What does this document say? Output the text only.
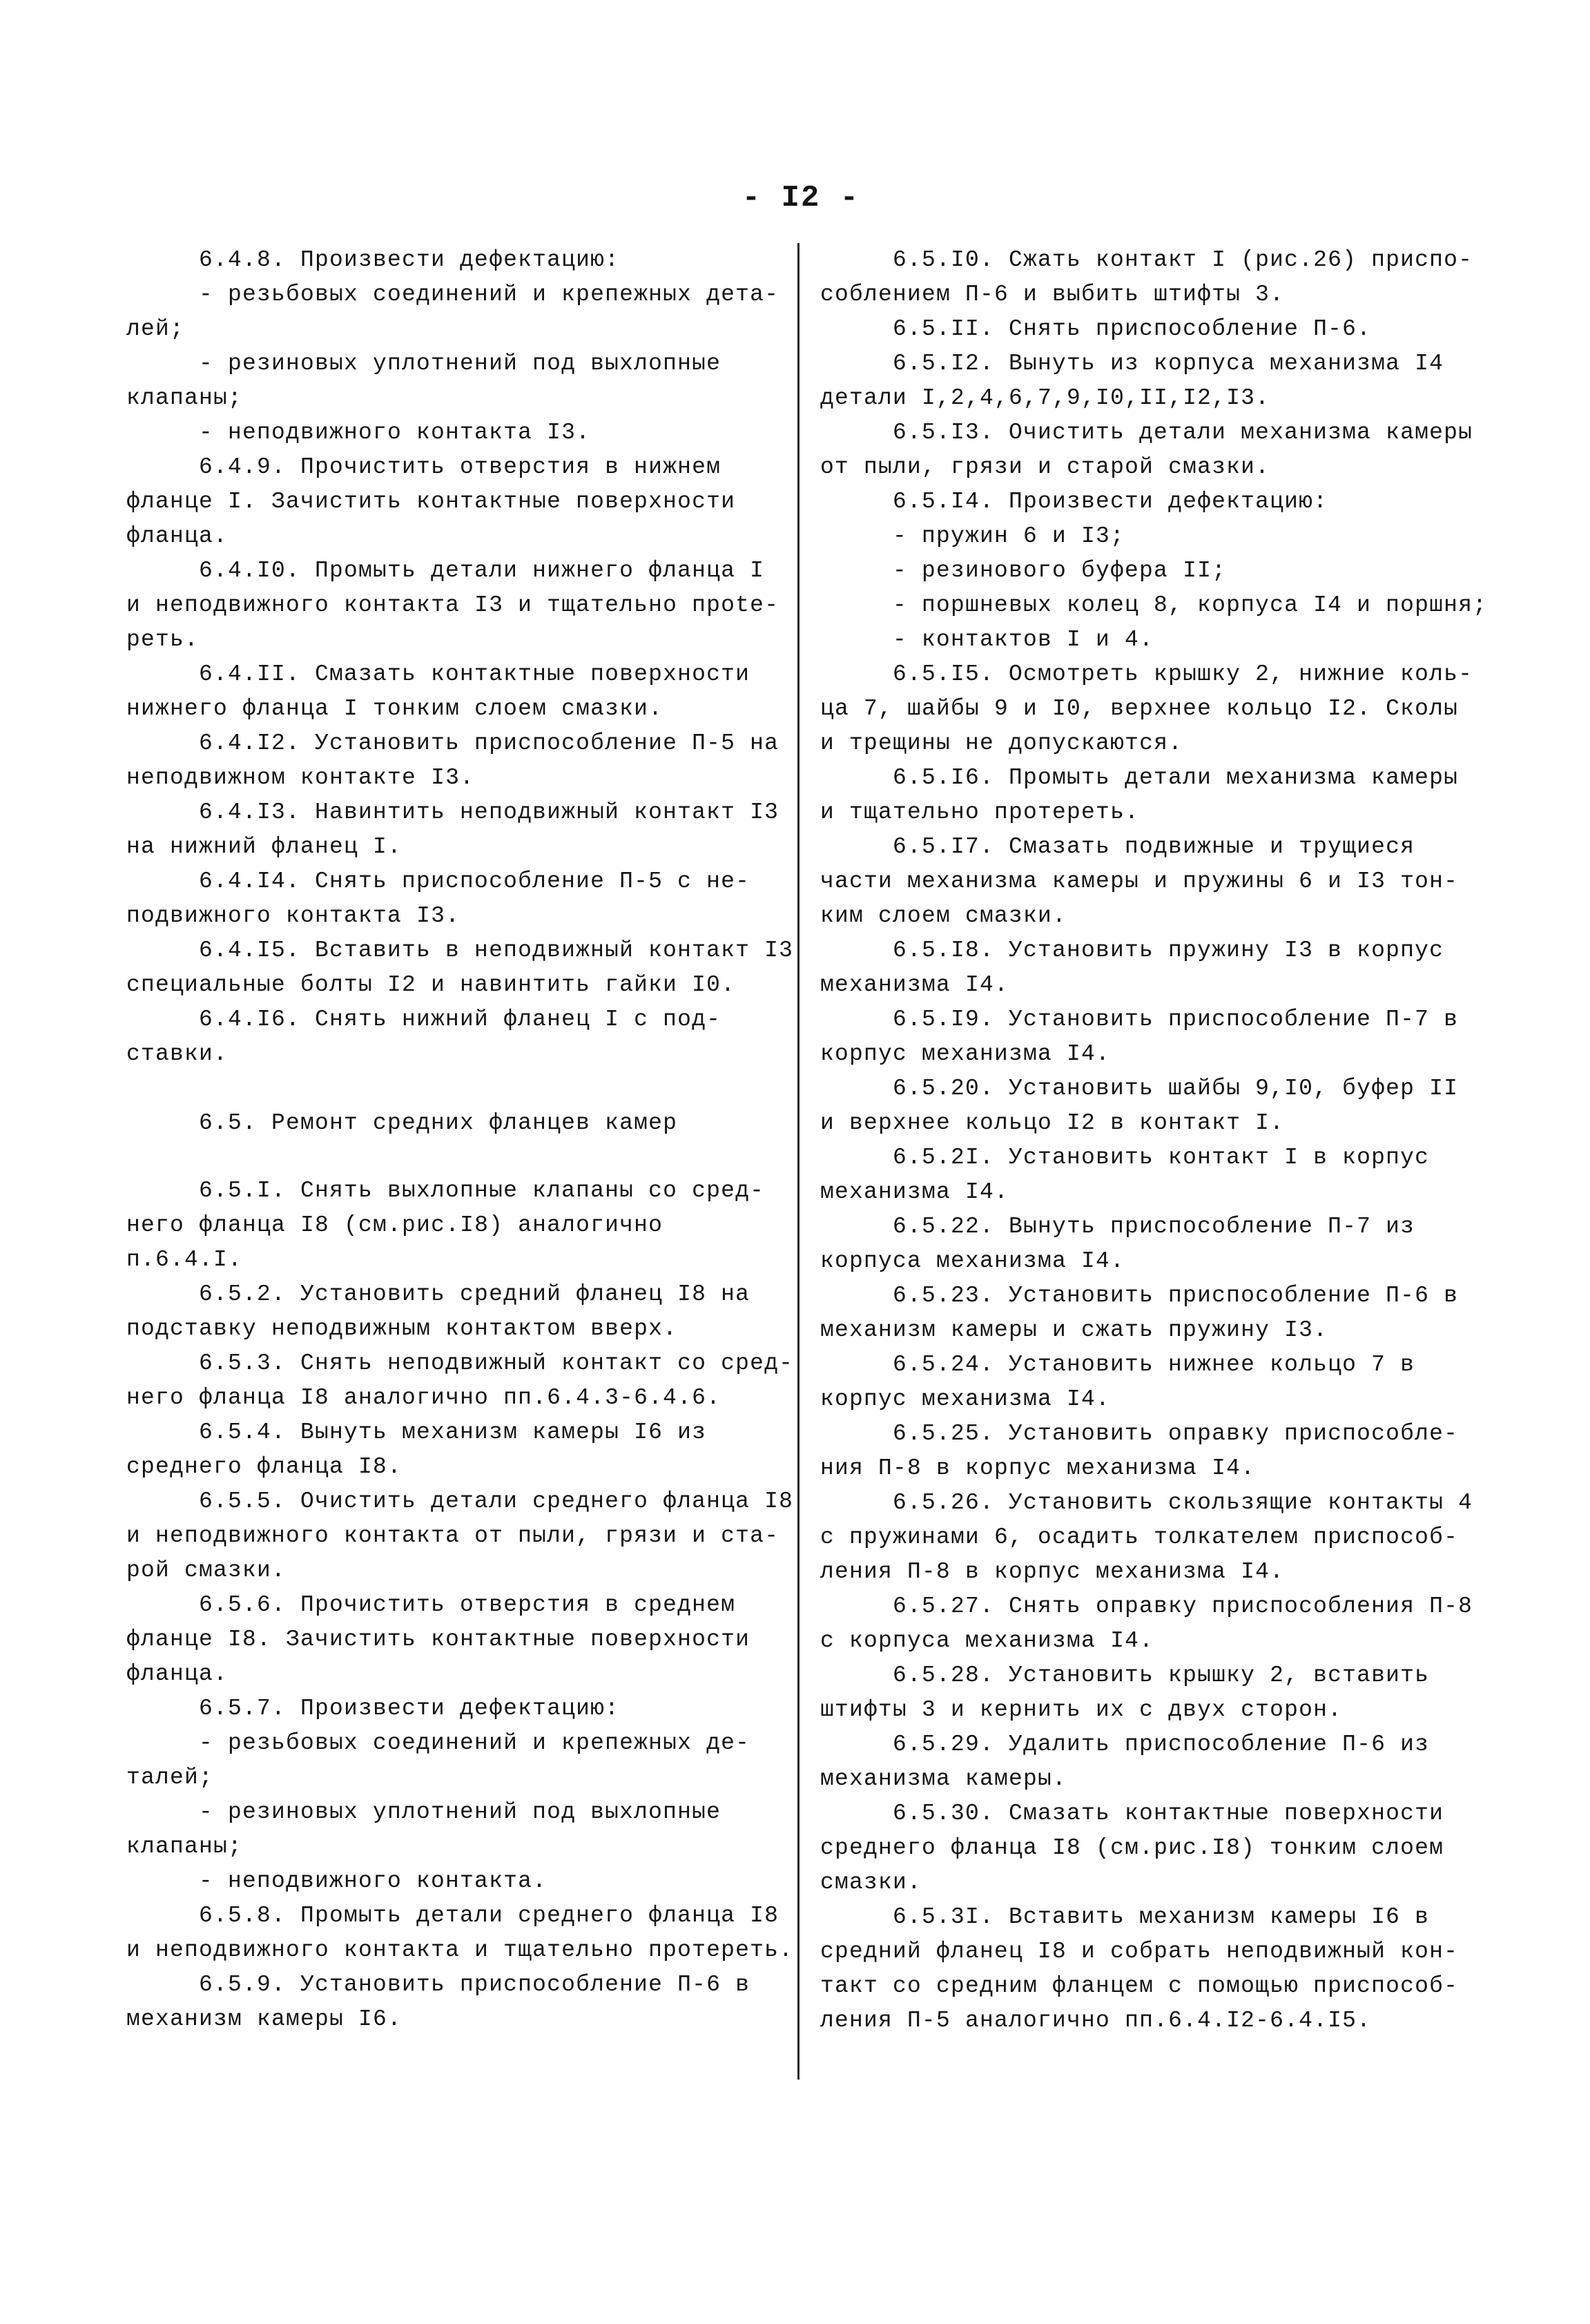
- I2 -
6.4.8. Произвести дефектацию:
- резьбовых соединений и крепежных дета-
лей;
- резиновых уплотнений под выхлопные
клапаны;
- неподвижного контакта I3.
6.4.9. Прочистить отверстия в нижнем
фланце I. Зачистить контактные поверхности
фланца.
6.4.I0. Промыть детали нижнего фланца I
и неподвижного контакта I3 и тщательно прote-
реть.
6.4.II. Смазать контактные поверхности
нижнего фланца I тонким слоем смазки.
6.4.I2. Установить приспособление П-5 на
неподвижном контакте I3.
6.4.I3. Навинтить неподвижный контакт I3
на нижний фланец I.
6.4.I4. Снять приспособление П-5 с не-
подвижного контакта I3.
6.4.I5. Вставить в неподвижный контакт I3
специальные болты I2 и навинтить гайки I0.
6.4.I6. Снять нижний фланец I с под-
ставки.
6.5. Ремонт средних фланцев камер
6.5.I. Снять выхлопные клапаны со сред-
него фланца I8 (см.рис.I8) аналогично
п.6.4.I.
6.5.2. Установить средний фланец I8 на
подставку неподвижным контактом вверх.
6.5.3. Снять неподвижный контакт со сред-
него фланца I8 аналогично пп.6.4.3-6.4.6.
6.5.4. Вынуть механизм камеры I6 из
среднего фланца I8.
6.5.5. Очистить детали среднего фланца I8
и неподвижного контакта от пыли, грязи и ста-
рой смазки.
6.5.6. Прочистить отверстия в среднем
фланце I8. Зачистить контактные поверхности
фланца.
6.5.7. Произвести дефектацию:
- резьбовых соединений и крепежных де-
талей;
- резиновых уплотнений под выхлопные
клапаны;
- неподвижного контакта.
6.5.8. Промыть детали среднего фланца I8
и неподвижного контакта и тщательно протереть.
6.5.9. Установить приспособление П-6 в
механизм камеры I6.
6.5.I0. Сжать контакт I (рис.26) приспо-
соблением П-6 и выбить штифты 3.
6.5.II. Снять приспособление П-6.
6.5.I2. Вынуть из корпуса механизма I4
детали I,2,4,6,7,9,I0,II,I2,I3.
6.5.I3. Очистить детали механизма камеры
от пыли, грязи и старой смазки.
6.5.I4. Произвести дефектацию:
- пружин 6 и I3;
- резинового буфера II;
- поршневых колец 8, корпуса I4 и поршня;
- контактов I и 4.
6.5.I5. Осмотреть крышку 2, нижние коль-
ца 7, шайбы 9 и I0, верхнее кольцо I2. Сколы
и трещины не допускаются.
6.5.I6. Промыть детали механизма камеры
и тщательно протереть.
6.5.I7. Смазать подвижные и трущиеся
части механизма камеры и пружины 6 и I3 тон-
ким слоем смазки.
6.5.I8. Установить пружину I3 в корпус
механизма I4.
6.5.I9. Установить приспособление П-7 в
корпус механизма I4.
6.5.20. Установить шайбы 9,I0, буфер II
и верхнее кольцо I2 в контакт I.
6.5.2I. Установить контакт I в корпус
механизма I4.
6.5.22. Вынуть приспособление П-7 из
корпуса механизма I4.
6.5.23. Установить приспособление П-6 в
механизм камеры и сжать пружину I3.
6.5.24. Установить нижнее кольцо 7 в
корпус механизма I4.
6.5.25. Установить оправку приспособле-
ния П-8 в корпус механизма I4.
6.5.26. Установить скользящие контакты 4
с пружинами 6, осадить толкателем приспособ-
ления П-8 в корпус механизма I4.
6.5.27. Снять оправку приспособления П-8
с корпуса механизма I4.
6.5.28. Установить крышку 2, вставить
штифты 3 и кернить их с двух сторон.
6.5.29. Удалить приспособление П-6 из
механизма камеры.
6.5.30. Смазать контактные поверхности
среднего фланца I8 (см.рис.I8) тонким слоем
смазки.
6.5.3I. Вставить механизм камеры I6 в
средний фланец I8 и собрать неподвижный кон-
такт со средним фланцем с помощью приспособ-
ления П-5 аналогично пп.6.4.I2-6.4.I5.
